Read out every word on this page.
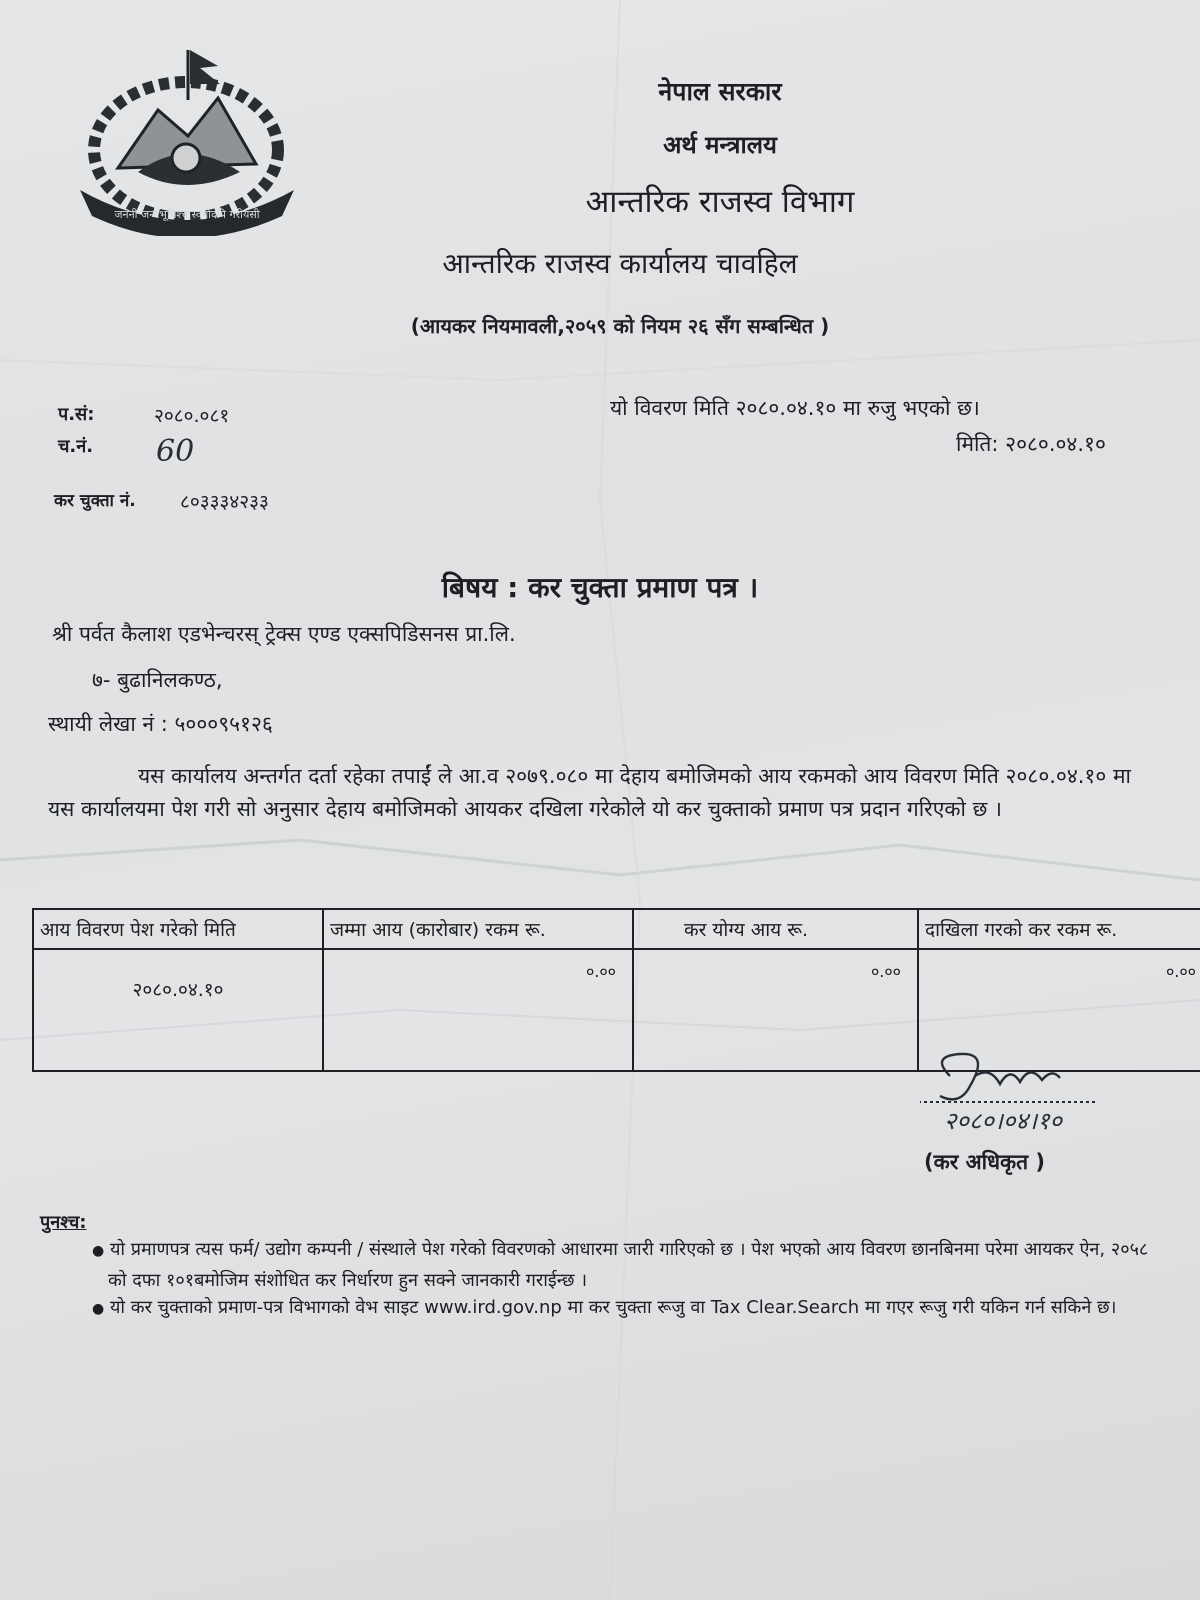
जननी जन्मभूमिश्च स्वर्गादपि गरीयसी
नेपाल सरकार
अर्थ मन्त्रालय
आन्तरिक राजस्व विभाग
आन्तरिक राजस्व कार्यालय चावहिल
(आयकर नियमावली,२०५९ को नियम २६ सँग सम्बन्धित )
प.सं:	२०८०.०८१
च.नं. 60
कर चुक्ता नं. ८०३३३४२३३
यो विवरण मिति २०८०.०४.१० मा रुजु भएको छ।
मिति: २०८०.०४.१०
बिषय : कर चुक्ता प्रमाण पत्र ।
श्री पर्वत कैलाश एडभेन्चरस् ट्रेक्स एण्ड एक्सपिडिसनस प्रा.लि.
७- बुढानिलकण्ठ,
स्थायी लेखा नं : ५०००९५१२६
यस कार्यालय अन्तर्गत दर्ता रहेका तपाईं ले आ.व २०७९.०८० मा देहाय बमोजिमको आय रकमको आय विवरण मिति २०८०.०४.१० मा यस कार्यालयमा पेश गरी सो अनुसार देहाय बमोजिमको आयकर दखिला गरेकोले यो कर चुक्ताको प्रमाण पत्र प्रदान गरिएको छ ।
आय विवरण पेश गरेको मिति	जम्मा आय (कारोबार) रकम रू.	कर योग्य आय रू.	दाखिला गरको कर रकम रू.
२०८०.०४.१०	०.००	०.००	०.००
२०८०।०४।१०
(कर अधिकृत )
पुनश्च:
● यो प्रमाणपत्र त्यस फर्म/ उद्योग कम्पनी / संस्थाले पेश गरेको विवरणको आधारमा जारी गारिएको छ । पेश भएको आय विवरण छानबिनमा परेमा आयकर ऐन, २०५८ को दफा १०१बमोजिम संशोधित कर निर्धारण हुन सक्ने जानकारी गराईन्छ ।
● यो कर चुक्ताको प्रमाण-पत्र विभागको वेभ साइट www.ird.gov.np मा कर चुक्ता रूजु वा Tax Clear.Search मा गएर रूजु गरी यकिन गर्न सकिने छ।
